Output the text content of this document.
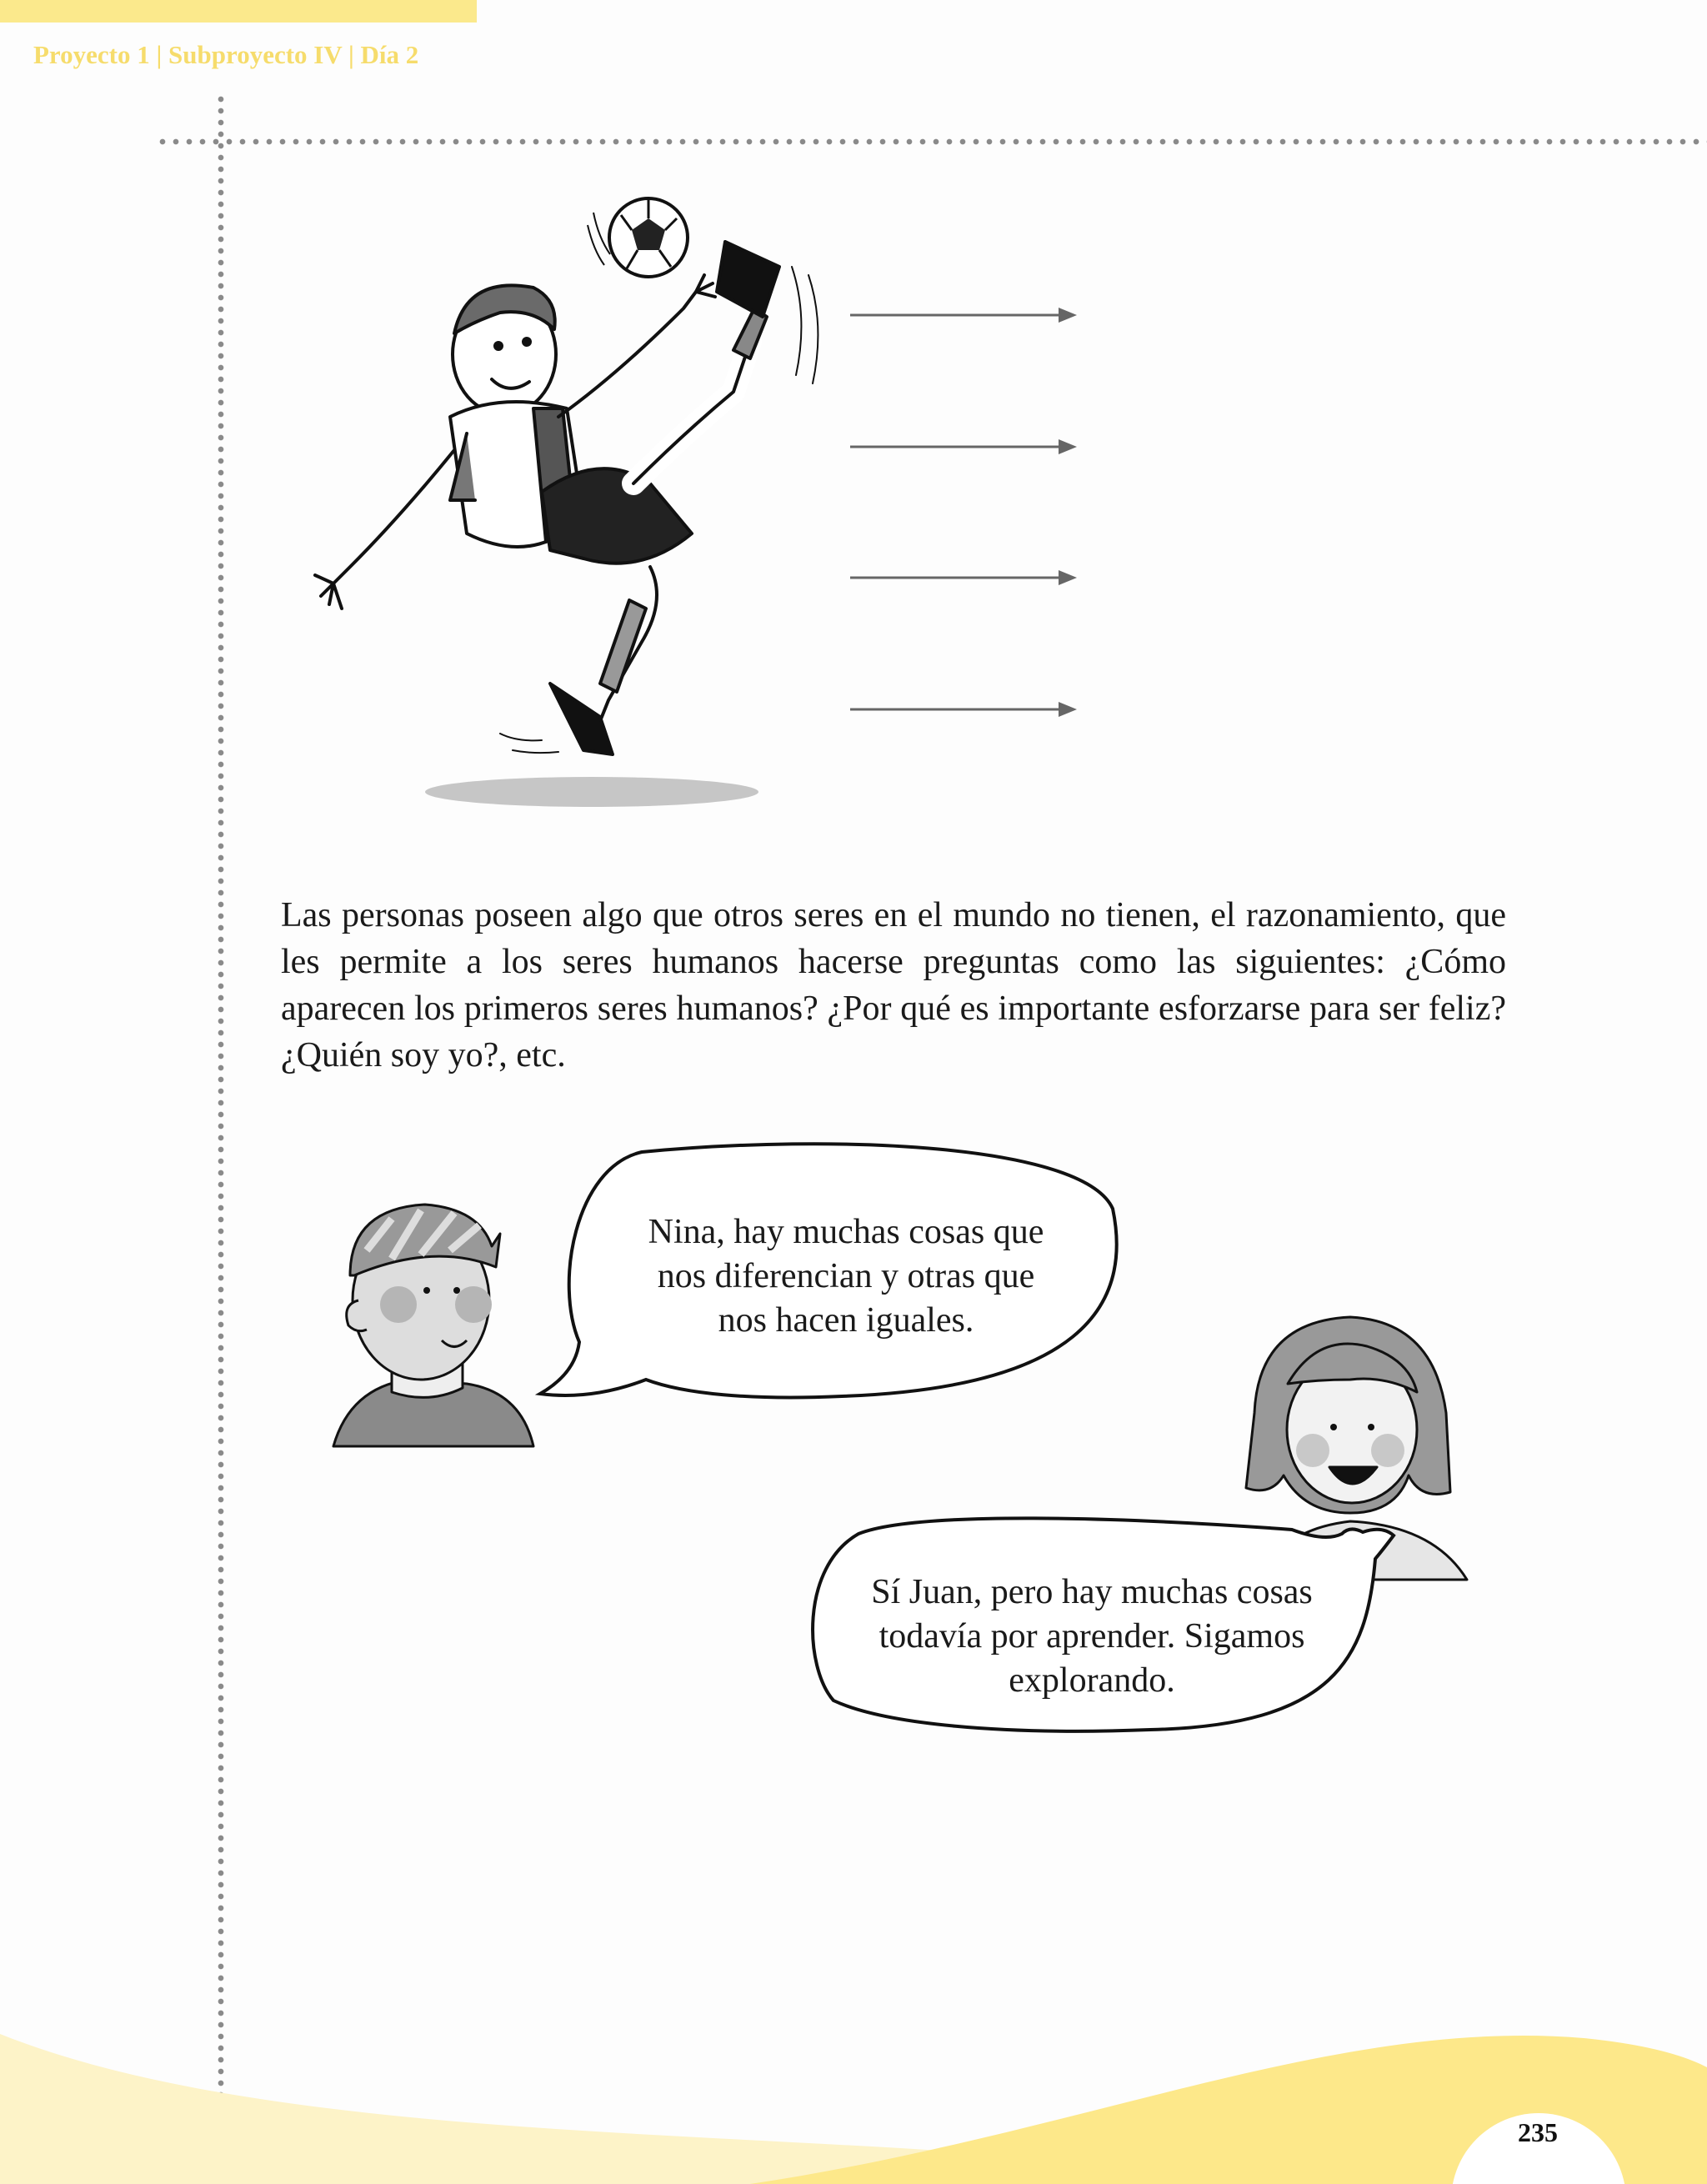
Proyecto 1 | Subproyecto IV | Día 2

Las personas poseen algo que otros seres en el mundo no tienen, el razonamiento, que les permite a los seres humanos hacerse preguntas como las siguientes: ¿Cómo aparecen los primeros seres humanos? ¿Por qué es importante esforzarse para ser feliz? ¿Quién soy yo?, etc.

Nina, hay muchas cosas que
nos diferencian y otras que
nos hacen iguales.
Sí Juan, pero hay muchas cosas
todavía por aprender. Sigamos
explorando.
235
